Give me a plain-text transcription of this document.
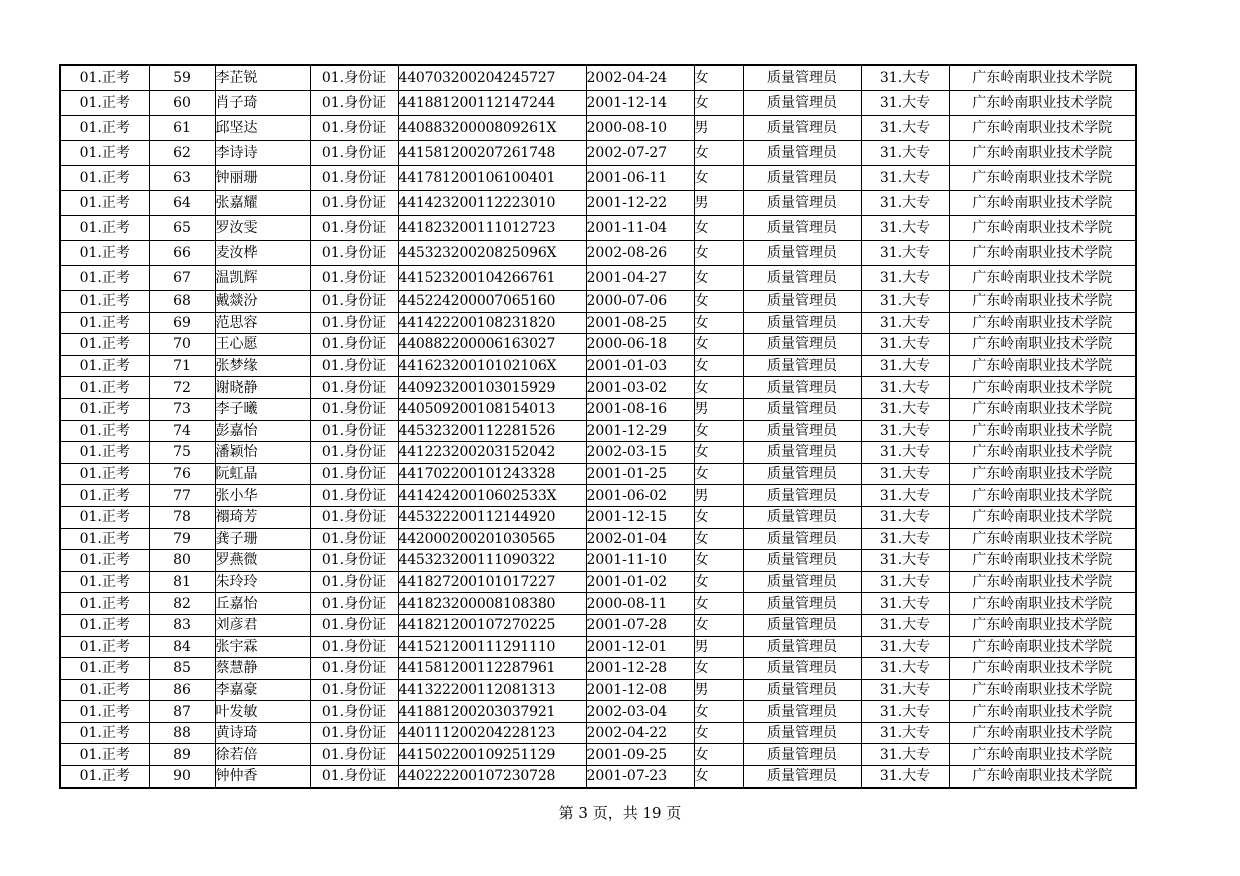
01.正考	59	李芷锐	01.身份证	440703200204245727	2002-04-24	女	质量管理员	31.大专	广东岭南职业技术学院
01.正考	60	肖子琦	01.身份证	441881200112147244	2001-12-14	女	质量管理员	31.大专	广东岭南职业技术学院
01.正考	61	邱坚达	01.身份证	44088320000809261X	2000-08-10	男	质量管理员	31.大专	广东岭南职业技术学院
01.正考	62	李诗诗	01.身份证	441581200207261748	2002-07-27	女	质量管理员	31.大专	广东岭南职业技术学院
01.正考	63	钟丽珊	01.身份证	441781200106100401	2001-06-11	女	质量管理员	31.大专	广东岭南职业技术学院
01.正考	64	张嘉耀	01.身份证	441423200112223010	2001-12-22	男	质量管理员	31.大专	广东岭南职业技术学院
01.正考	65	罗汝雯	01.身份证	441823200111012723	2001-11-04	女	质量管理员	31.大专	广东岭南职业技术学院
01.正考	66	麦汝桦	01.身份证	44532320020825096X	2002-08-26	女	质量管理员	31.大专	广东岭南职业技术学院
01.正考	67	温凯辉	01.身份证	441523200104266761	2001-04-27	女	质量管理员	31.大专	广东岭南职业技术学院
01.正考	68	戴燚汾	01.身份证	445224200007065160	2000-07-06	女	质量管理员	31.大专	广东岭南职业技术学院
01.正考	69	范思容	01.身份证	441422200108231820	2001-08-25	女	质量管理员	31.大专	广东岭南职业技术学院
01.正考	70	王心愿	01.身份证	440882200006163027	2000-06-18	女	质量管理员	31.大专	广东岭南职业技术学院
01.正考	71	张梦缘	01.身份证	44162320010102106X	2001-01-03	女	质量管理员	31.大专	广东岭南职业技术学院
01.正考	72	谢晓静	01.身份证	440923200103015929	2001-03-02	女	质量管理员	31.大专	广东岭南职业技术学院
01.正考	73	李子曦	01.身份证	440509200108154013	2001-08-16	男	质量管理员	31.大专	广东岭南职业技术学院
01.正考	74	彭嘉怡	01.身份证	445323200112281526	2001-12-29	女	质量管理员	31.大专	广东岭南职业技术学院
01.正考	75	潘颖怡	01.身份证	441223200203152042	2002-03-15	女	质量管理员	31.大专	广东岭南职业技术学院
01.正考	76	阮虹晶	01.身份证	441702200101243328	2001-01-25	女	质量管理员	31.大专	广东岭南职业技术学院
01.正考	77	张小华	01.身份证	44142420010602533X	2001-06-02	男	质量管理员	31.大专	广东岭南职业技术学院
01.正考	78	禤琦芳	01.身份证	445322200112144920	2001-12-15	女	质量管理员	31.大专	广东岭南职业技术学院
01.正考	79	龚子珊	01.身份证	442000200201030565	2002-01-04	女	质量管理员	31.大专	广东岭南职业技术学院
01.正考	80	罗燕微	01.身份证	445323200111090322	2001-11-10	女	质量管理员	31.大专	广东岭南职业技术学院
01.正考	81	朱玲玲	01.身份证	441827200101017227	2001-01-02	女	质量管理员	31.大专	广东岭南职业技术学院
01.正考	82	丘嘉怡	01.身份证	441823200008108380	2000-08-11	女	质量管理员	31.大专	广东岭南职业技术学院
01.正考	83	刘彦君	01.身份证	441821200107270225	2001-07-28	女	质量管理员	31.大专	广东岭南职业技术学院
01.正考	84	张宇霖	01.身份证	441521200111291110	2001-12-01	男	质量管理员	31.大专	广东岭南职业技术学院
01.正考	85	蔡慧静	01.身份证	441581200112287961	2001-12-28	女	质量管理员	31.大专	广东岭南职业技术学院
01.正考	86	李嘉豪	01.身份证	441322200112081313	2001-12-08	男	质量管理员	31.大专	广东岭南职业技术学院
01.正考	87	叶发敏	01.身份证	441881200203037921	2002-03-04	女	质量管理员	31.大专	广东岭南职业技术学院
01.正考	88	黄诗琦	01.身份证	440111200204228123	2002-04-22	女	质量管理员	31.大专	广东岭南职业技术学院
01.正考	89	徐若倍	01.身份证	441502200109251129	2001-09-25	女	质量管理员	31.大专	广东岭南职业技术学院
01.正考	90	钟仲香	01.身份证	440222200107230728	2001-07-23	女	质量管理员	31.大专	广东岭南职业技术学院
第 3 页，共 19 页
